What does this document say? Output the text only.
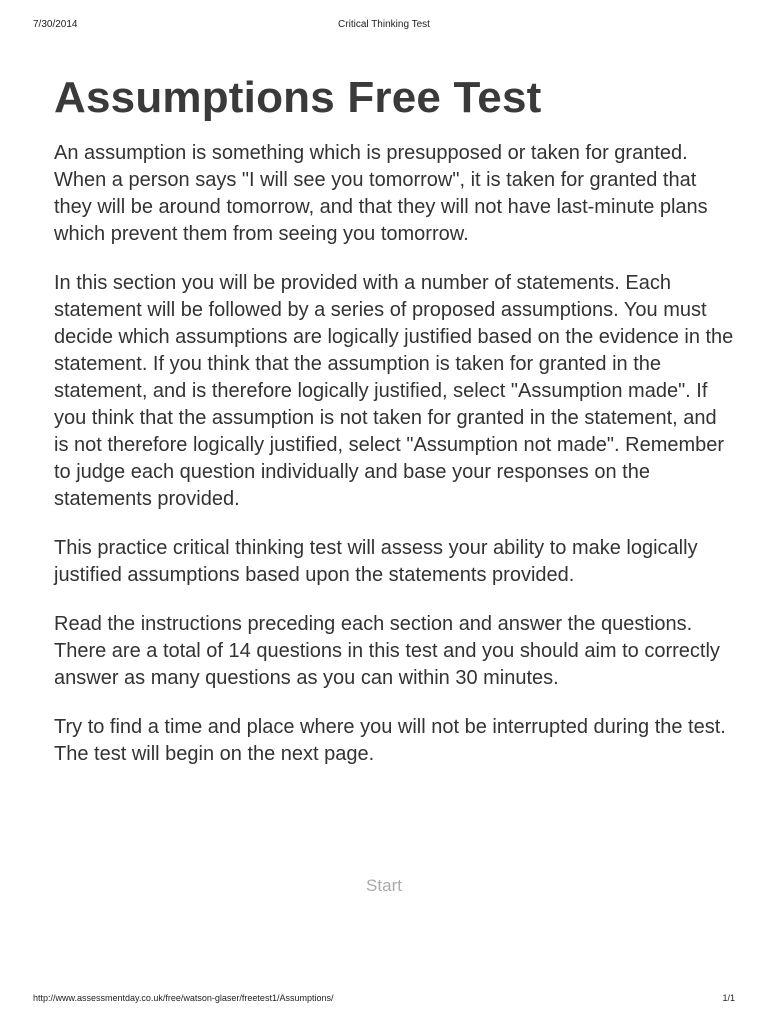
7/30/2014	Critical Thinking Test
Assumptions Free Test

An assumption is something which is presupposed or taken for granted. When a person says "I will see you tomorrow", it is taken for granted that they will be around tomorrow, and that they will not have last-minute plans which prevent them from seeing you tomorrow.

In this section you will be provided with a number of statements. Each statement will be followed by a series of proposed assumptions. You must decide which assumptions are logically justified based on the evidence in the statement. If you think that the assumption is taken for granted in the statement, and is therefore logically justified, select "Assumption made". If you think that the assumption is not taken for granted in the statement, and is not therefore logically justified, select "Assumption not made". Remember to judge each question individually and base your responses on the statements provided.

This practice critical thinking test will assess your ability to make logically justified assumptions based upon the statements provided.

Read the instructions preceding each section and answer the questions. There are a total of 14 questions in this test and you should aim to correctly answer as many questions as you can within 30 minutes.

Try to find a time and place where you will not be interrupted during the test. The test will begin on the next page.

Start
http://www.assessmentday.co.uk/free/watson-glaser/freetest1/Assumptions/	1/1
